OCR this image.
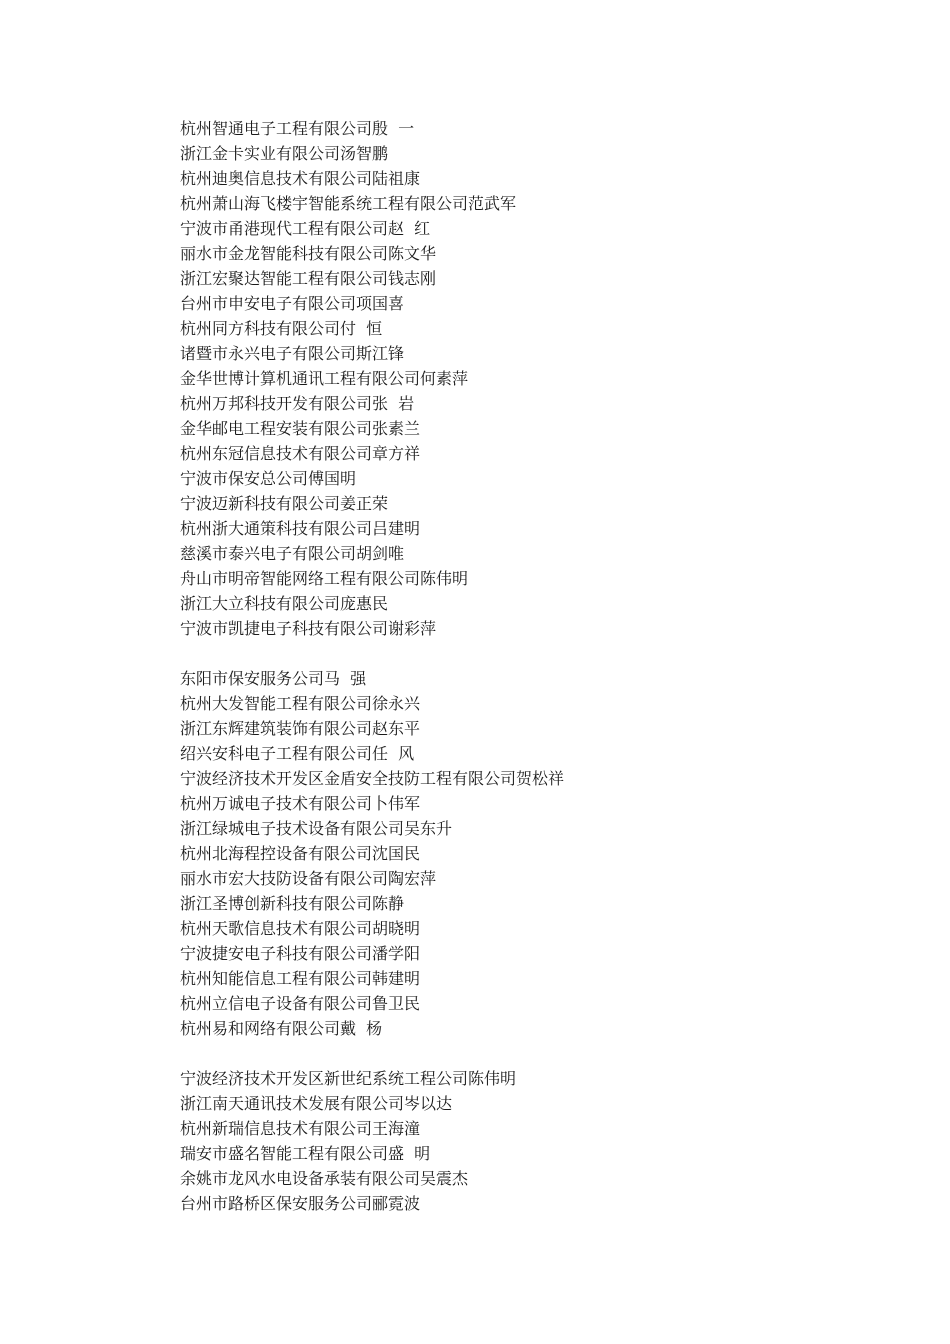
杭州智通电子工程有限公司殷  一
浙江金卡实业有限公司汤智鹏
杭州迪奥信息技术有限公司陆祖康
杭州萧山海飞楼宇智能系统工程有限公司范武军
宁波市甬港现代工程有限公司赵  红
丽水市金龙智能科技有限公司陈文华
浙江宏聚达智能工程有限公司钱志刚
台州市申安电子有限公司项国喜
杭州同方科技有限公司付  恒
诸暨市永兴电子有限公司斯江锋
金华世博计算机通讯工程有限公司何素萍
杭州万邦科技开发有限公司张  岩
金华邮电工程安装有限公司张素兰
杭州东冠信息技术有限公司章方祥
宁波市保安总公司傅国明
宁波迈新科技有限公司姜正荣
杭州浙大通策科技有限公司吕建明
慈溪市泰兴电子有限公司胡剑唯
舟山市明帝智能网络工程有限公司陈伟明
浙江大立科技有限公司庞惠民
宁波市凯捷电子科技有限公司谢彩萍
东阳市保安服务公司马  强
杭州大发智能工程有限公司徐永兴
浙江东辉建筑装饰有限公司赵东平
绍兴安科电子工程有限公司任  风
宁波经济技术开发区金盾安全技防工程有限公司贺松祥
杭州万诚电子技术有限公司卜伟军
浙江绿城电子技术设备有限公司吴东升
杭州北海程控设备有限公司沈国民
丽水市宏大技防设备有限公司陶宏萍
浙江圣博创新科技有限公司陈静
杭州天歌信息技术有限公司胡晓明
宁波捷安电子科技有限公司潘学阳
杭州知能信息工程有限公司韩建明
杭州立信电子设备有限公司鲁卫民
杭州易和网络有限公司戴  杨
宁波经济技术开发区新世纪系统工程公司陈伟明
浙江南天通讯技术发展有限公司岑以达
杭州新瑞信息技术有限公司王海潼
瑞安市盛名智能工程有限公司盛  明
余姚市龙风水电设备承装有限公司吴震杰
台州市路桥区保安服务公司郦霓波
